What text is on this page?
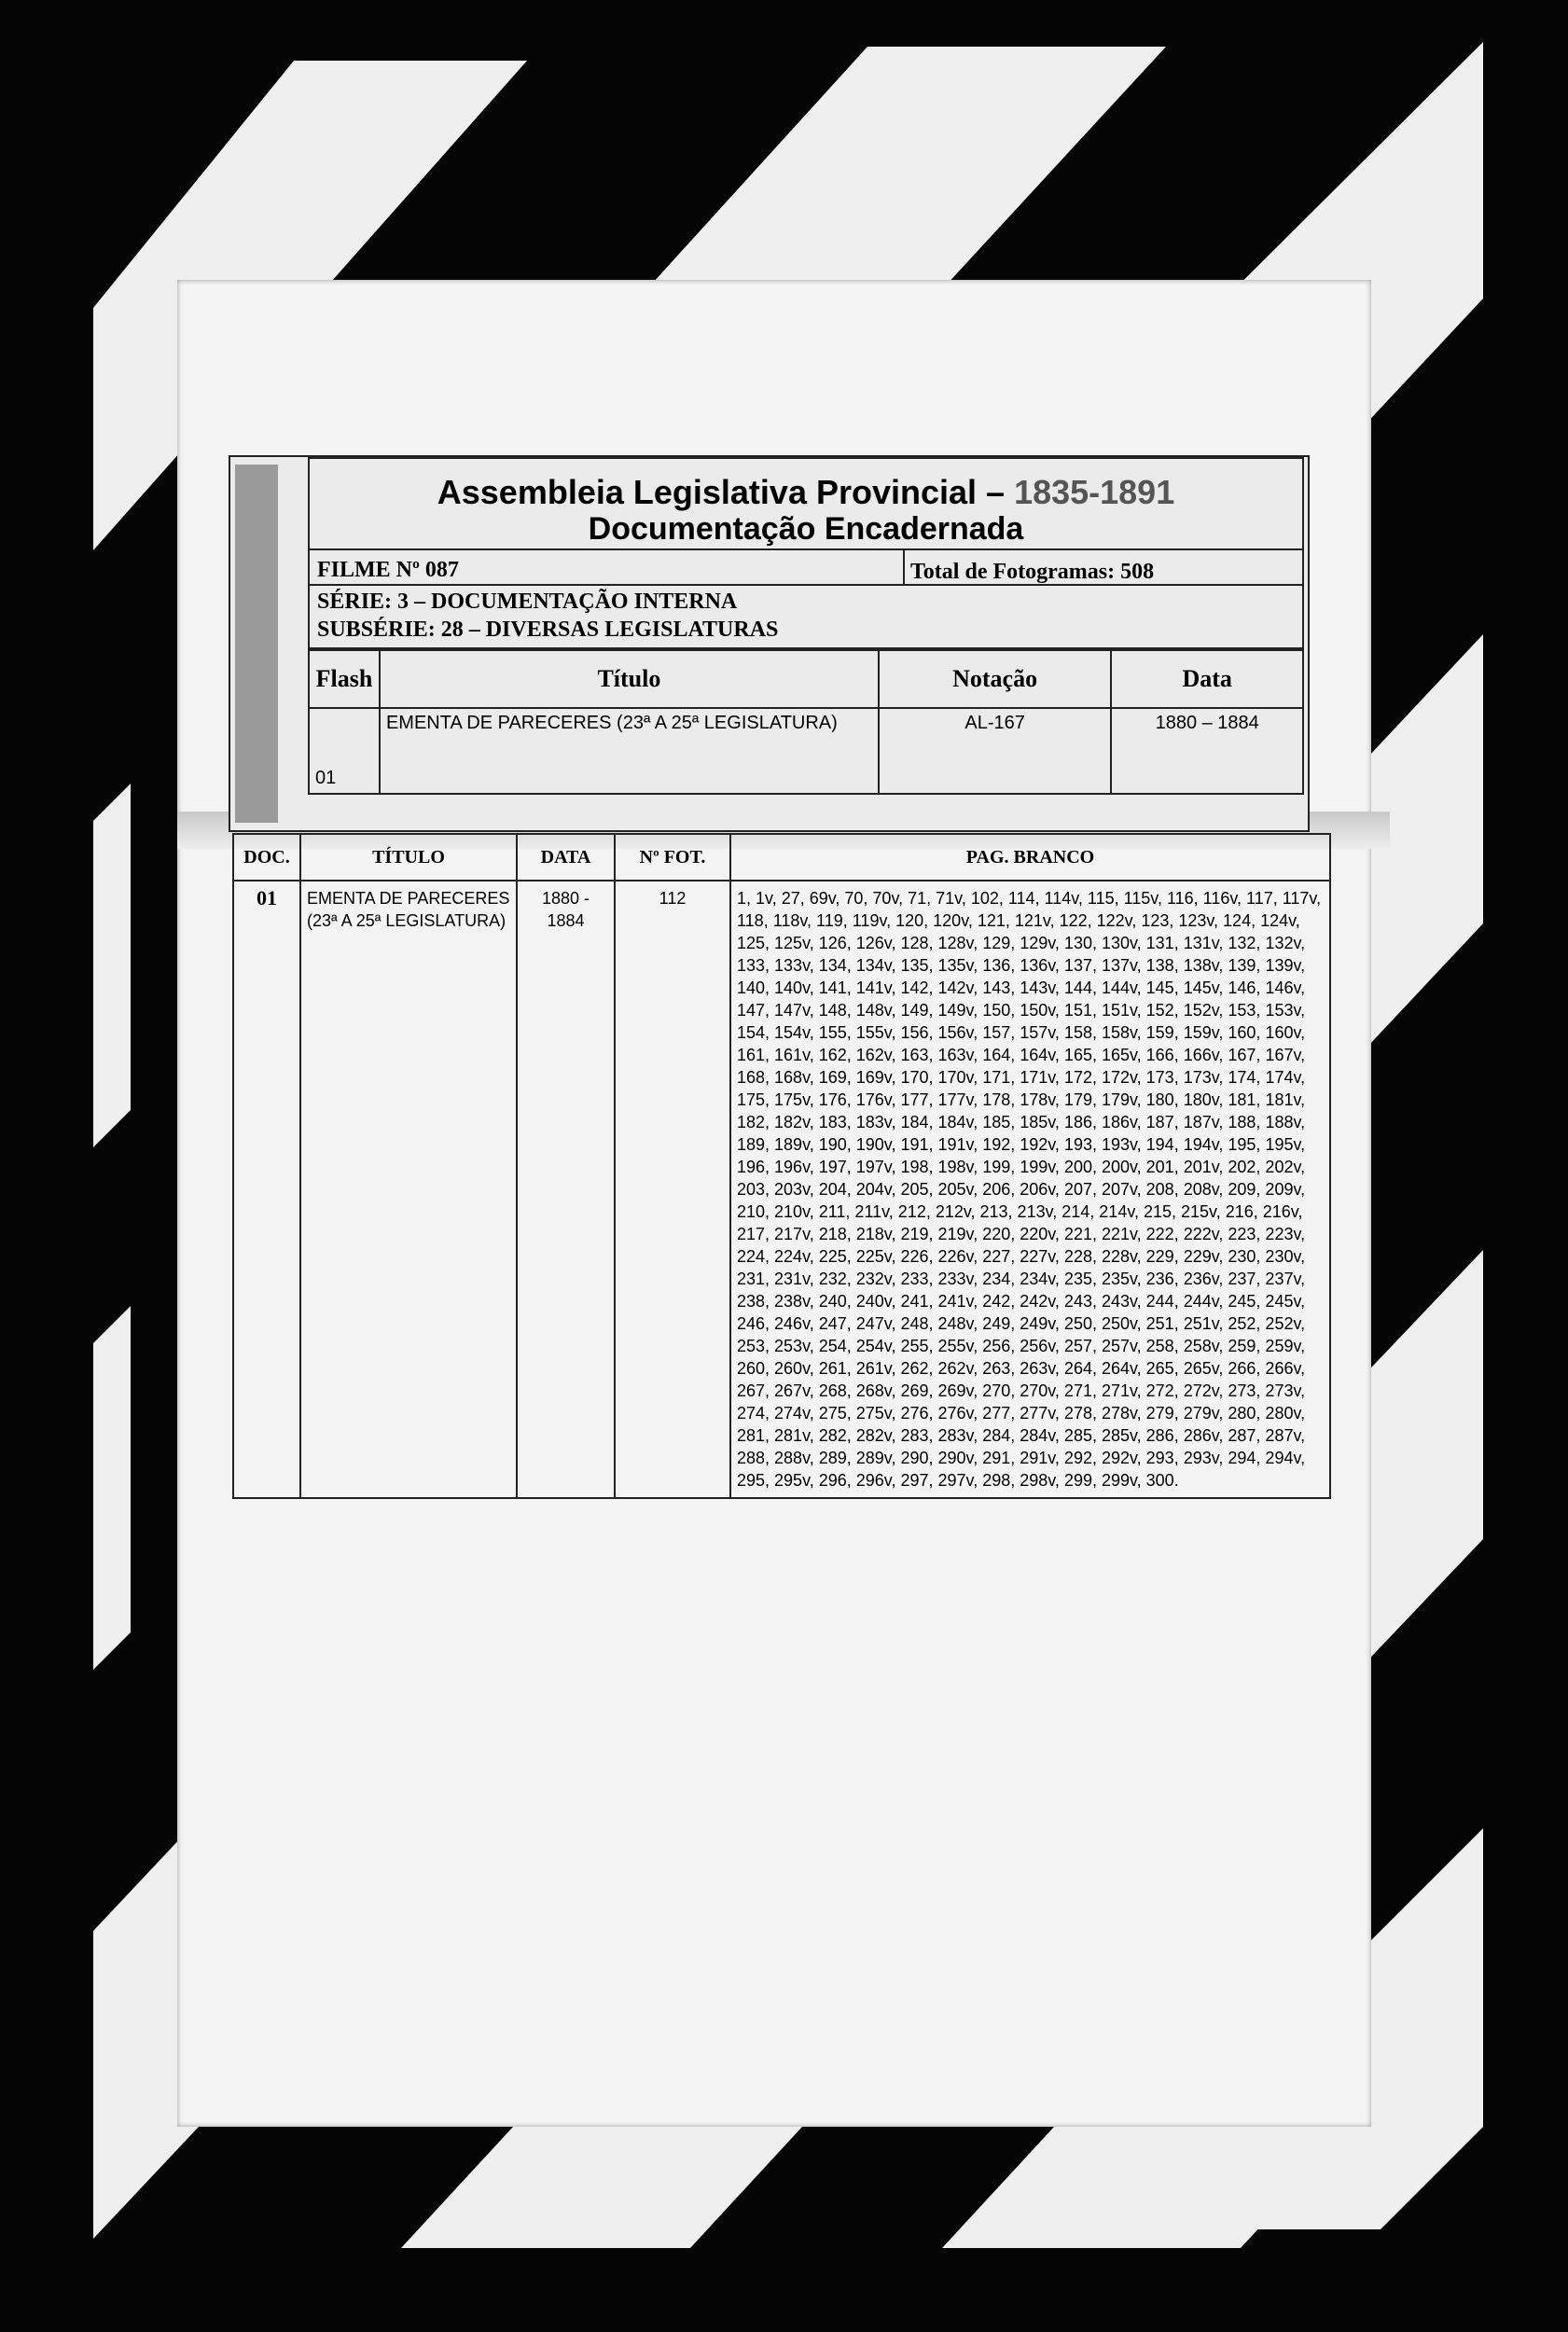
Assembleia Legislativa Provincial – 1835-1891
Documentação Encadernada
FILME Nº 087	Total de Fotogramas: 508
SÉRIE: 3 – DOCUMENTAÇÃO INTERNA
SUBSÉRIE: 28 – DIVERSAS LEGISLATURAS
Flash	Título	Notação	Data
01	EMENTA DE PARECERES (23ª A 25ª LEGISLATURA)	AL-167	1880 – 1884
DOC.	TÍTULO	DATA	Nº FOT.	PAG. BRANCO
01	EMENTA DE PARECERES (23ª A 25ª LEGISLATURA)	1880 - 1884	112	1, 1v, 27, 69v, 70, 70v, 71, 71v, 102, 114, 114v, 115, 115v, 116, 116v, 117, 117v, 118, 118v, 119, 119v, 120, 120v, 121, 121v, 122, 122v, 123, 123v, 124, 124v, 125, 125v, 126, 126v, 128, 128v, 129, 129v, 130, 130v, 131, 131v, 132, 132v, 133, 133v, 134, 134v, 135, 135v, 136, 136v, 137, 137v, 138, 138v, 139, 139v, 140, 140v, 141, 141v, 142, 142v, 143, 143v, 144, 144v, 145, 145v, 146, 146v, 147, 147v, 148, 148v, 149, 149v, 150, 150v, 151, 151v, 152, 152v, 153, 153v, 154, 154v, 155, 155v, 156, 156v, 157, 157v, 158, 158v, 159, 159v, 160, 160v, 161, 161v, 162, 162v, 163, 163v, 164, 164v, 165, 165v, 166, 166v, 167, 167v, 168, 168v, 169, 169v, 170, 170v, 171, 171v, 172, 172v, 173, 173v, 174, 174v, 175, 175v, 176, 176v, 177, 177v, 178, 178v, 179, 179v, 180, 180v, 181, 181v, 182, 182v, 183, 183v, 184, 184v, 185, 185v, 186, 186v, 187, 187v, 188, 188v, 189, 189v, 190, 190v, 191, 191v, 192, 192v, 193, 193v, 194, 194v, 195, 195v, 196, 196v, 197, 197v, 198, 198v, 199, 199v, 200, 200v, 201, 201v, 202, 202v, 203, 203v, 204, 204v, 205, 205v, 206, 206v, 207, 207v, 208, 208v, 209, 209v, 210, 210v, 211, 211v, 212, 212v, 213, 213v, 214, 214v, 215, 215v, 216, 216v, 217, 217v, 218, 218v, 219, 219v, 220, 220v, 221, 221v, 222, 222v, 223, 223v, 224, 224v, 225, 225v, 226, 226v, 227, 227v, 228, 228v, 229, 229v, 230, 230v, 231, 231v, 232, 232v, 233, 233v, 234, 234v, 235, 235v, 236, 236v, 237, 237v, 238, 238v, 240, 240v, 241, 241v, 242, 242v, 243, 243v, 244, 244v, 245, 245v, 246, 246v, 247, 247v, 248, 248v, 249, 249v, 250, 250v, 251, 251v, 252, 252v, 253, 253v, 254, 254v, 255, 255v, 256, 256v, 257, 257v, 258, 258v, 259, 259v, 260, 260v, 261, 261v, 262, 262v, 263, 263v, 264, 264v, 265, 265v, 266, 266v, 267, 267v, 268, 268v, 269, 269v, 270, 270v, 271, 271v, 272, 272v, 273, 273v, 274, 274v, 275, 275v, 276, 276v, 277, 277v, 278, 278v, 279, 279v, 280, 280v, 281, 281v, 282, 282v, 283, 283v, 284, 284v, 285, 285v, 286, 286v, 287, 287v, 288, 288v, 289, 289v, 290, 290v, 291, 291v, 292, 292v, 293, 293v, 294, 294v, 295, 295v, 296, 296v, 297, 297v, 298, 298v, 299, 299v, 300.
